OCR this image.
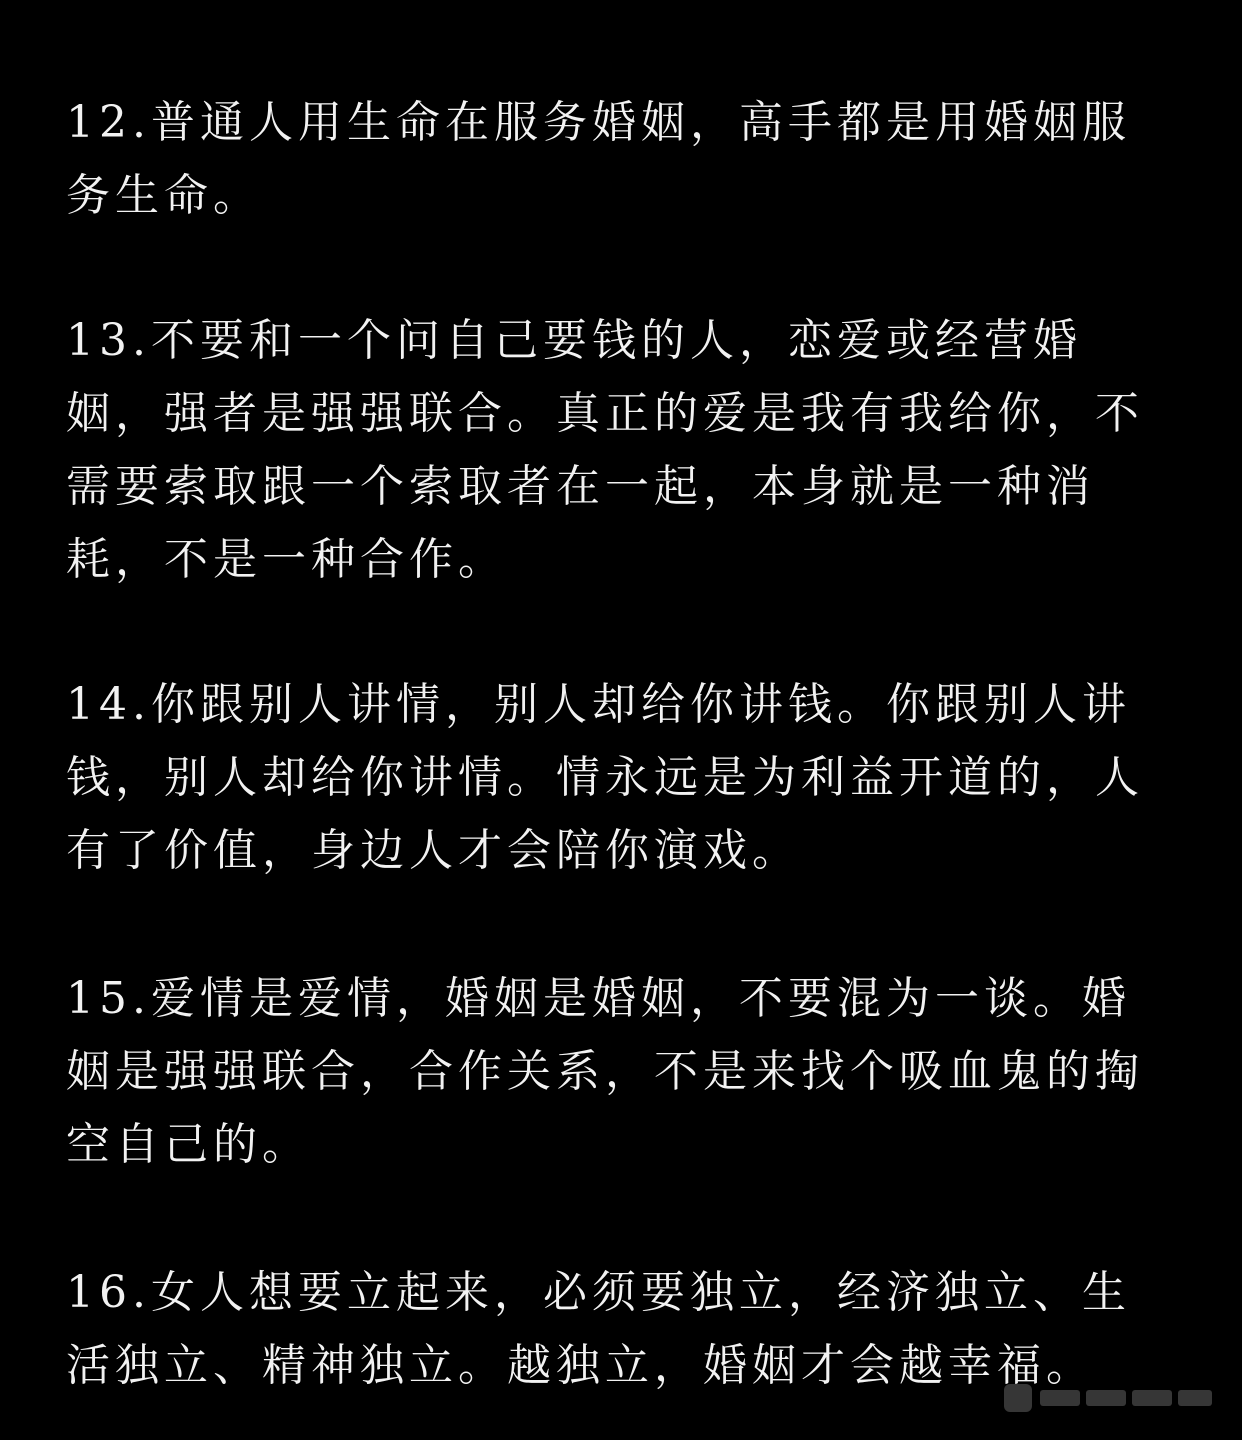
12.普通人用生命在服务婚姻，高手都是用婚姻服务生命。

13.不要和一个问自己要钱的人，恋爱或经营婚姻，强者是强强联合。真正的爱是我有我给你，不需要索取跟一个索取者在一起，本身就是一种消耗，不是一种合作。

14.你跟别人讲情，别人却给你讲钱。你跟别人讲钱，别人却给你讲情。情永远是为利益开道的，人有了价值，身边人才会陪你演戏。

15.爱情是爱情，婚姻是婚姻，不要混为一谈。婚姻是强强联合，合作关系，不是来找个吸血鬼的掏空自己的。

16.女人想要立起来，必须要独立，经济独立、生活独立、精神独立。越独立，婚姻才会越幸福。
